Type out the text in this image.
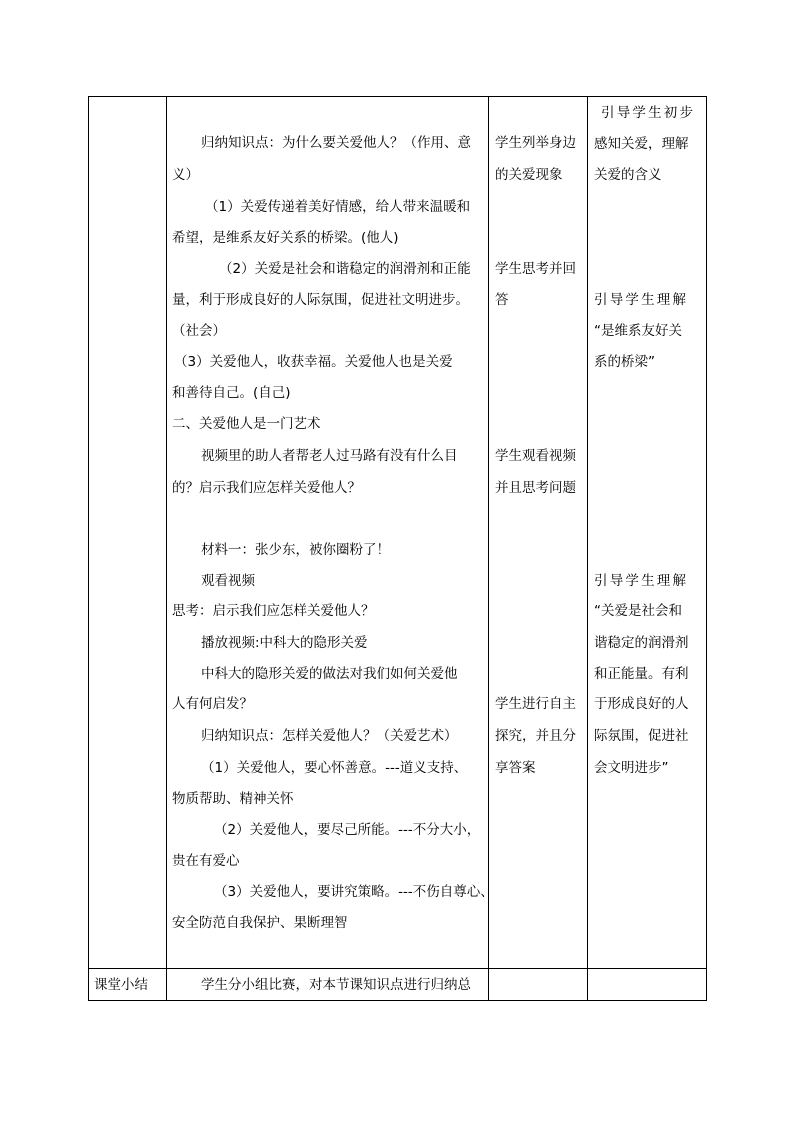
归纳知识点：为什么要关爱他人？（作用、意
义）
（1）关爱传递着美好情感，给人带来温暖和
希望，是维系友好关系的桥梁。(他人)
（2）关爱是社会和谐稳定的润滑剂和正能
量，利于形成良好的人际氛围，促进社文明进步。
（社会）
（3）关爱他人，收获幸福。关爱他人也是关爱
和善待自己。(自己)
二、关爱他人是一门艺术
视频里的助人者帮老人过马路有没有什么目
的？启示我们应怎样关爱他人？
材料一：张少东，被你圈粉了！
观看视频
思考：启示我们应怎样关爱他人？
播放视频:中科大的隐形关爱
中科大的隐形关爱的做法对我们如何关爱他
人有何启发？
归纳知识点：怎样关爱他人？（关爱艺术）
（1）关爱他人，要心怀善意。---道义支持、
物质帮助、精神关怀
（2）关爱他人，要尽己所能。---不分大小，
贵在有爱心
（3）关爱他人，要讲究策略。---不伤自尊心、
安全防范自我保护、果断理智
学生列举身边
的关爱现象
学生思考并回
答
学生观看视频
并且思考问题
学生进行自主
探究，并且分
享答案
引导学生初步
感知关爱，理解
关爱的含义
引导学生理解
“是维系友好关
系的桥梁”
引导学生理解
“关爱是社会和
谐稳定的润滑剂
和正能量。有利
于形成良好的人
际氛围，促进社
会文明进步”
课堂小结	学生分小组比赛，对本节课知识点进行归纳总
